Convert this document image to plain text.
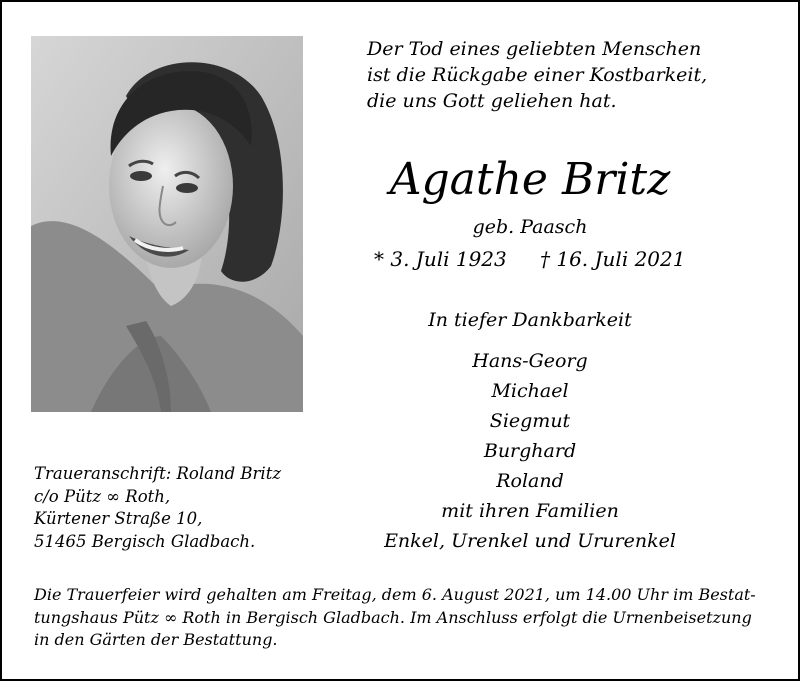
Der Tod eines geliebten Menschen
ist die Rückgabe einer Kostbarkeit,
die uns Gott geliehen hat.
Agathe Britz
geb. Paasch
* 3. Juli 1923 † 16. Juli 2021
In tiefer Dankbarkeit
Hans-Georg
Michael
Siegmut
Burghard
Roland
mit ihren Familien
Enkel, Urenkel und Ururenkel
Traueranschrift: Roland Britz
c/o Pütz ∞ Roth,
Kürtener Straße 10,
51465 Bergisch Gladbach.
Die Trauerfeier wird gehalten am Freitag, dem 6. August 2021, um 14.00 Uhr im Bestat-
tungshaus Pütz ∞ Roth in Bergisch Gladbach. Im Anschluss erfolgt die Urnenbeisetzung
in den Gärten der Bestattung.
